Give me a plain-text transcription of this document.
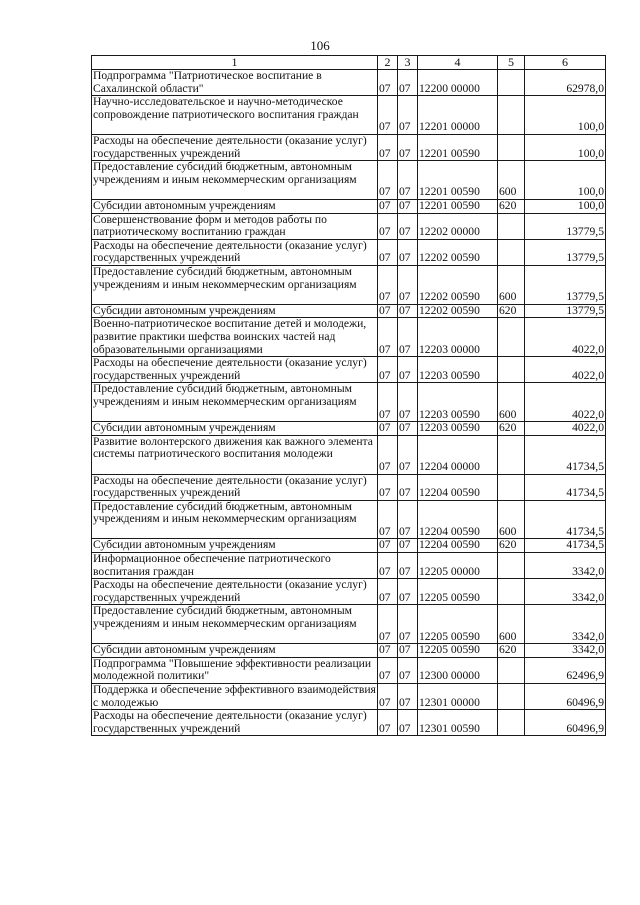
106
1	2	3	4	5	6
Подпрограмма "Патриотическое воспитание в Сахалинской области"	07	07	12200 00000		62978,0
Научно-исследовательское и научно-методическое сопровождение патриотического воспитания граждан	07	07	12201 00000		100,0
Расходы на обеспечение деятельности (оказание услуг) государственных учреждений	07	07	12201 00590		100,0
Предоставление субсидий бюджетным, автономным учреждениям и иным некоммерческим организациям	07	07	12201 00590	600	100,0
Субсидии автономным учреждениям	07	07	12201 00590	620	100,0
Совершенствование форм и методов работы по патриотическому воспитанию граждан	07	07	12202 00000		13779,5
Расходы на обеспечение деятельности (оказание услуг) государственных учреждений	07	07	12202 00590		13779,5
Предоставление субсидий бюджетным, автономным учреждениям и иным некоммерческим организациям	07	07	12202 00590	600	13779,5
Субсидии автономным учреждениям	07	07	12202 00590	620	13779,5
Военно-патриотическое воспитание детей и молодежи, развитие практики шефства воинских частей над образовательными организациями	07	07	12203 00000		4022,0
Расходы на обеспечение деятельности (оказание услуг) государственных учреждений	07	07	12203 00590		4022,0
Предоставление субсидий бюджетным, автономным учреждениям и иным некоммерческим организациям	07	07	12203 00590	600	4022,0
Субсидии автономным учреждениям	07	07	12203 00590	620	4022,0
Развитие волонтерского движения как важного элемента системы патриотического воспитания молодежи	07	07	12204 00000		41734,5
Расходы на обеспечение деятельности (оказание услуг) государственных учреждений	07	07	12204 00590		41734,5
Предоставление субсидий бюджетным, автономным учреждениям и иным некоммерческим организациям	07	07	12204 00590	600	41734,5
Субсидии автономным учреждениям	07	07	12204 00590	620	41734,5
Информационное обеспечение патриотического воспитания граждан	07	07	12205 00000		3342,0
Расходы на обеспечение деятельности (оказание услуг) государственных учреждений	07	07	12205 00590		3342,0
Предоставление субсидий бюджетным, автономным учреждениям и иным некоммерческим организациям	07	07	12205 00590	600	3342,0
Субсидии автономным учреждениям	07	07	12205 00590	620	3342,0
Подпрограмма "Повышение эффективности реализации молодежной политики"	07	07	12300 00000		62496,9
Поддержка и обеспечение эффективного взаимодействия с молодежью	07	07	12301 00000		60496,9
Расходы на обеспечение деятельности (оказание услуг) государственных учреждений	07	07	12301 00590		60496,9
